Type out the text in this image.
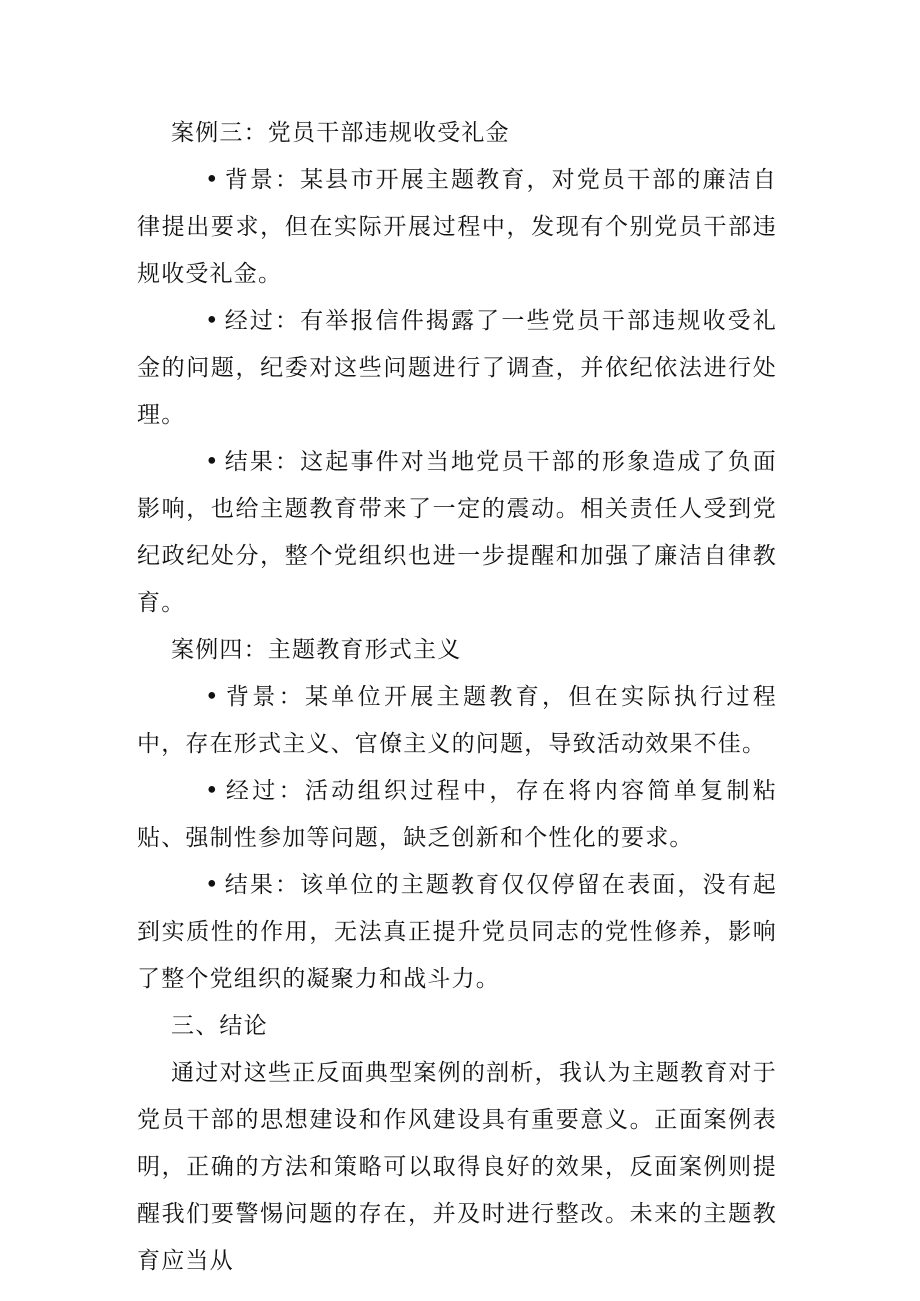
案例三：党员干部违规收受礼金

• 背景：某县市开展主题教育，对党员干部的廉洁自律提出要求，但在实际开展过程中，发现有个别党员干部违规收受礼金。

• 经过：有举报信件揭露了一些党员干部违规收受礼金的问题，纪委对这些问题进行了调查，并依纪依法进行处理。

• 结果：这起事件对当地党员干部的形象造成了负面影响，也给主题教育带来了一定的震动。相关责任人受到党纪政纪处分，整个党组织也进一步提醒和加强了廉洁自律教育。

案例四：主题教育形式主义

• 背景：某单位开展主题教育，但在实际执行过程中，存在形式主义、官僚主义的问题，导致活动效果不佳。

• 经过：活动组织过程中，存在将内容简单复制粘贴、强制性参加等问题，缺乏创新和个性化的要求。

• 结果：该单位的主题教育仅仅停留在表面，没有起到实质性的作用，无法真正提升党员同志的党性修养，影响了整个党组织的凝聚力和战斗力。

三、结论

通过对这些正反面典型案例的剖析，我认为主题教育对于党员干部的思想建设和作风建设具有重要意义。正面案例表明，正确的方法和策略可以取得良好的效果，反面案例则提醒我们要警惕问题的存在，并及时进行整改。未来的主题教育应当从
